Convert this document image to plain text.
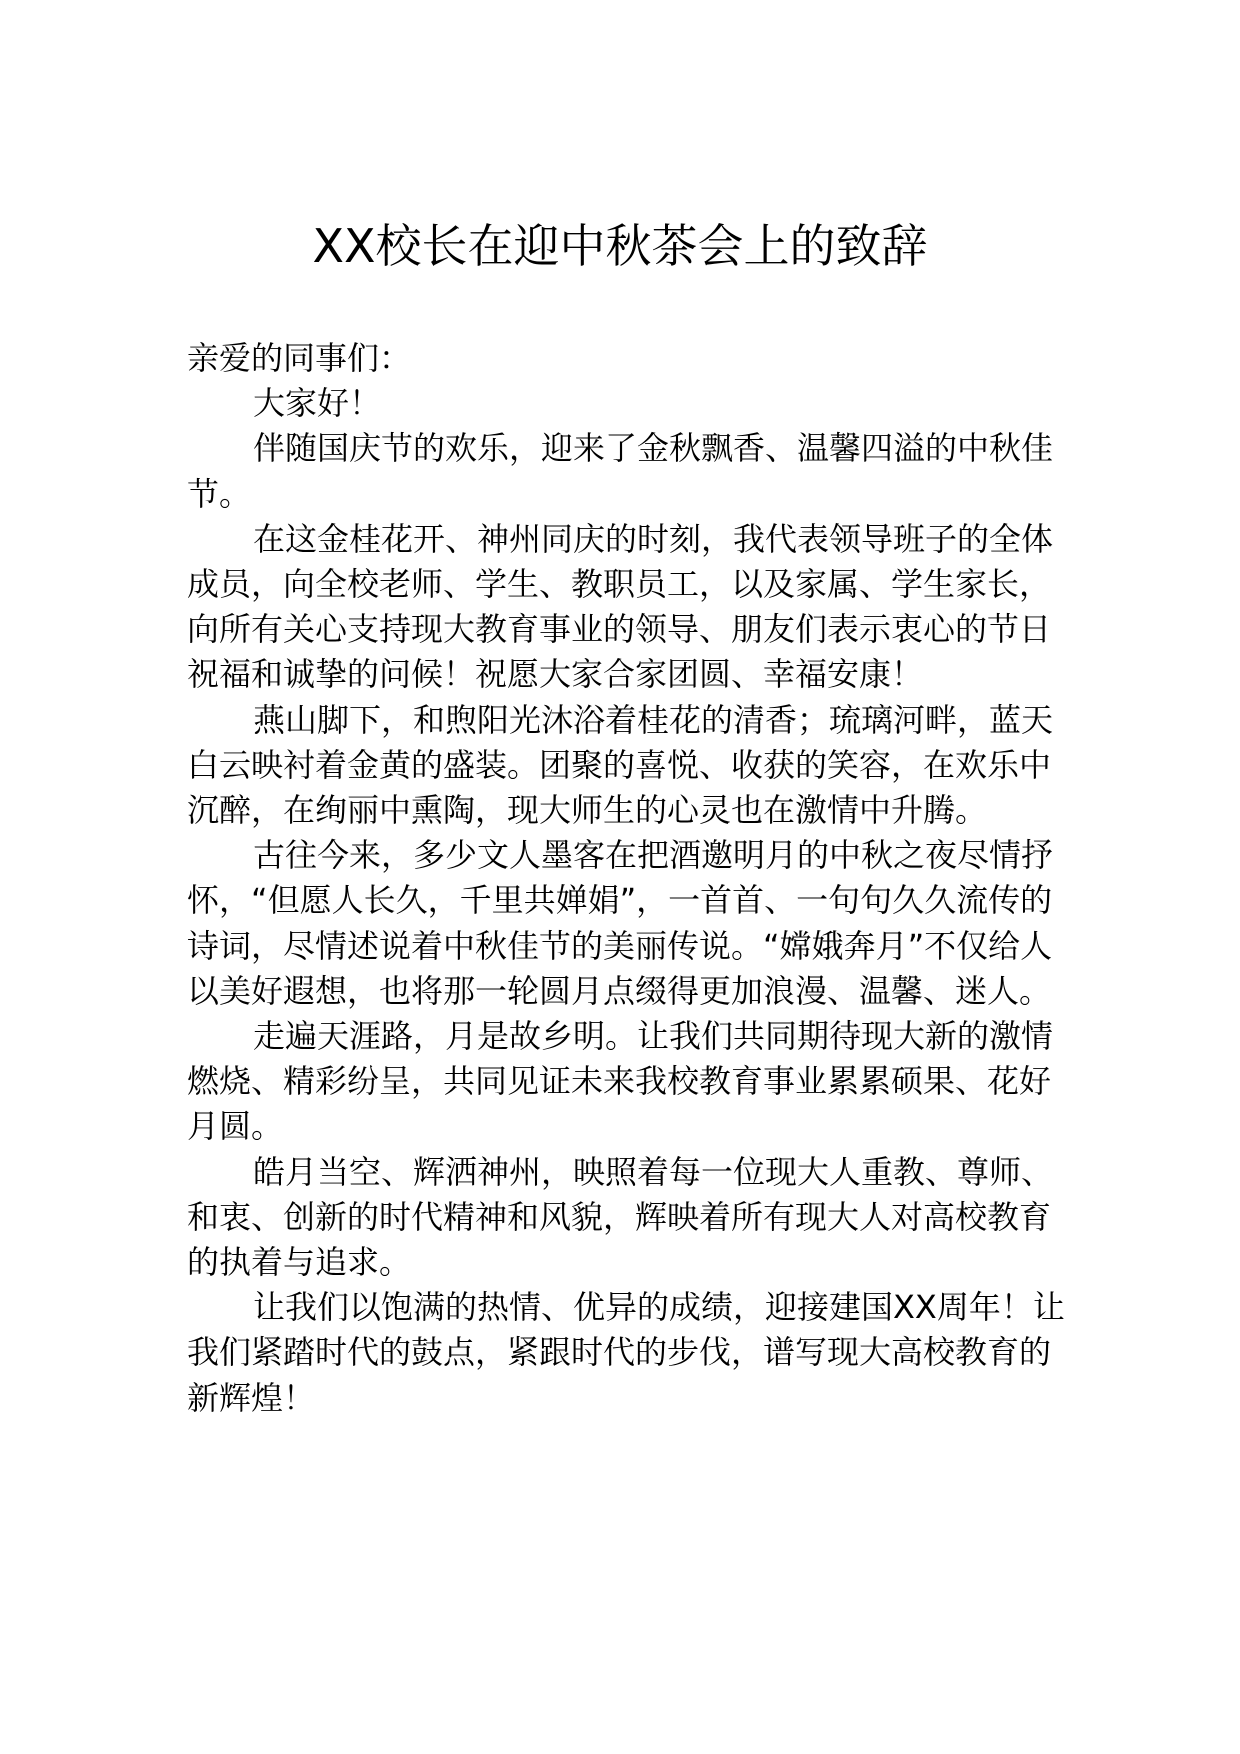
XX校长在迎中秋茶会上的致辞

亲爱的同事们：

大家好！

伴随国庆节的欢乐，迎来了金秋飘香、温馨四溢的中秋佳节。

在这金桂花开、神州同庆的时刻，我代表领导班子的全体成员，向全校老师、学生、教职员工，以及家属、学生家长，向所有关心支持现大教育事业的领导、朋友们表示衷心的节日祝福和诚挚的问候！祝愿大家合家团圆、幸福安康！

燕山脚下，和煦阳光沐浴着桂花的清香；琉璃河畔，蓝天白云映衬着金黄的盛装。团聚的喜悦、收获的笑容，在欢乐中沉醉，在绚丽中熏陶，现大师生的心灵也在激情中升腾。

古往今来，多少文人墨客在把酒邀明月的中秋之夜尽情抒怀，“但愿人长久，千里共婵娟”，一首首、一句句久久流传的诗词，尽情述说着中秋佳节的美丽传说。“嫦娥奔月”不仅给人以美好遐想，也将那一轮圆月点缀得更加浪漫、温馨、迷人。

走遍天涯路，月是故乡明。让我们共同期待现大新的激情燃烧、精彩纷呈，共同见证未来我校教育事业累累硕果、花好月圆。

皓月当空、辉洒神州，映照着每一位现大人重教、尊师、和衷、创新的时代精神和风貌，辉映着所有现大人对高校教育的执着与追求。

让我们以饱满的热情、优异的成绩，迎接建国XX周年！让我们紧踏时代的鼓点，紧跟时代的步伐，谱写现大高校教育的新辉煌！
